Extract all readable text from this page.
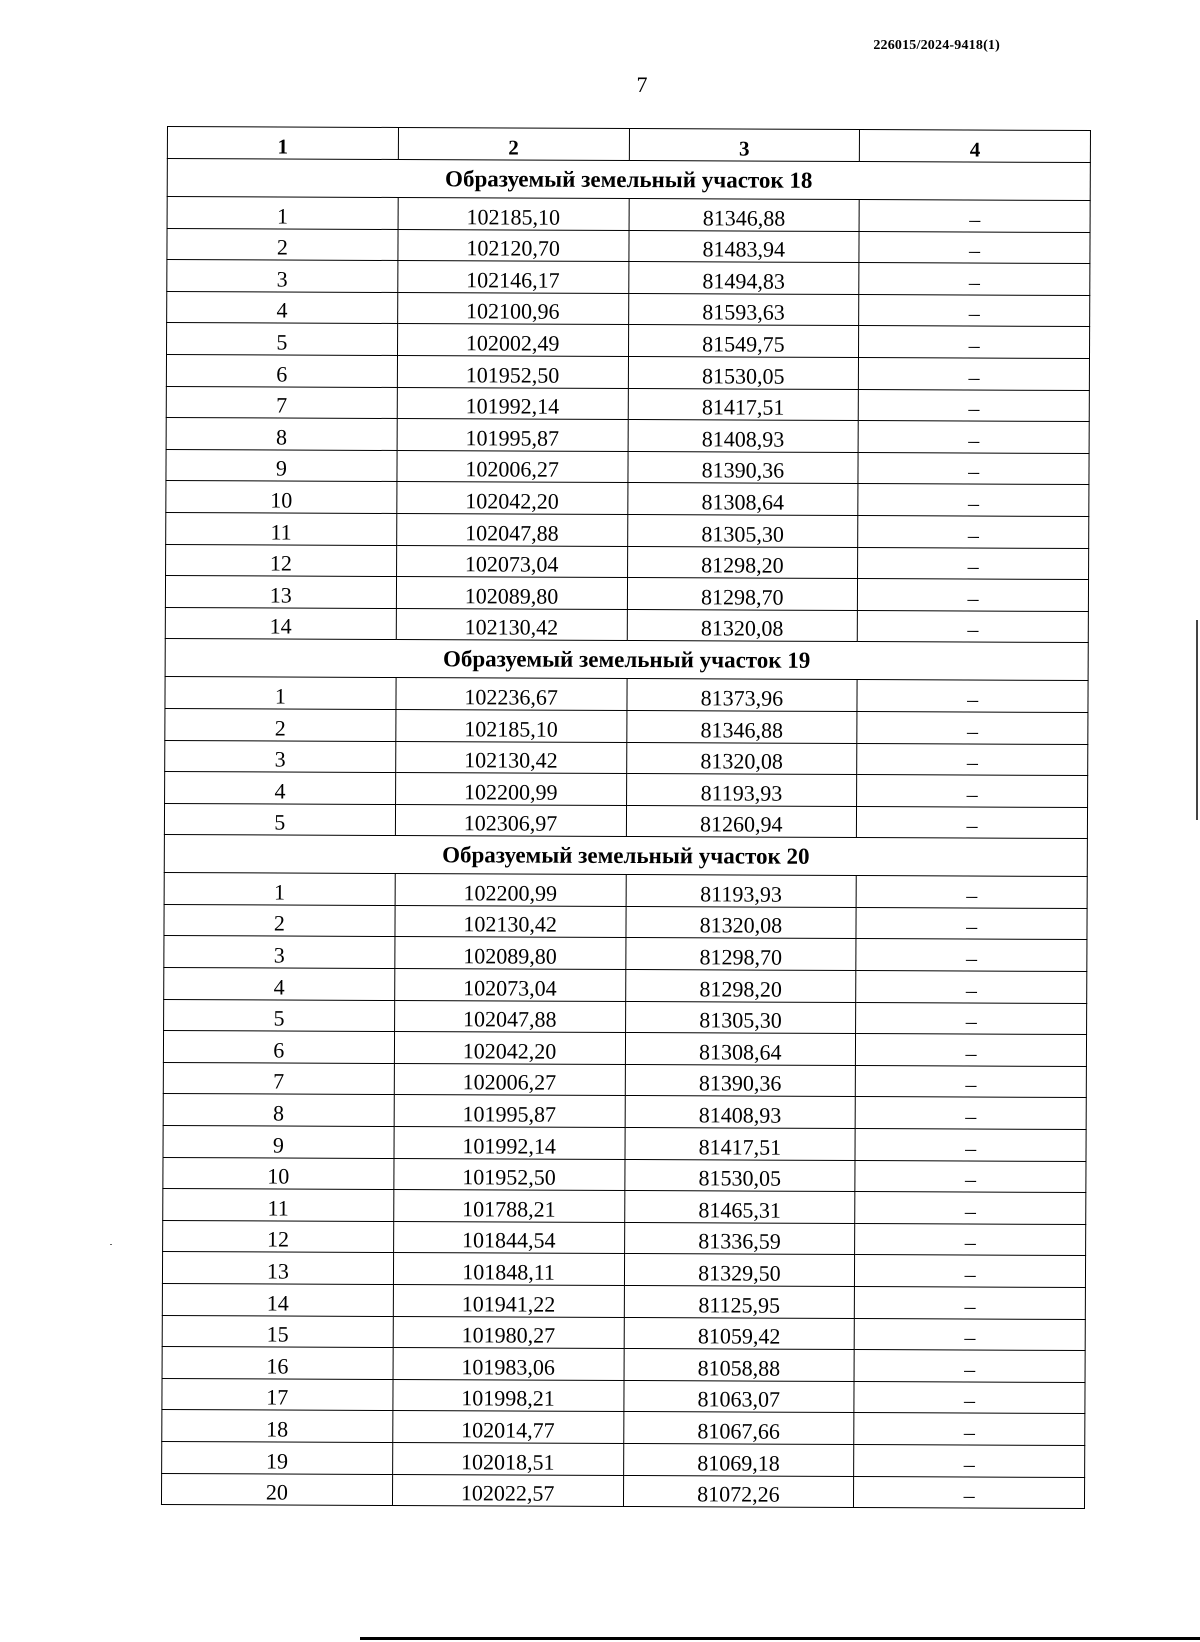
226015/2024-9418(1)
7
1	2	3	4
Образуемый земельный участок 18			
1	102185,10	81346,88	–
2	102120,70	81483,94	–
3	102146,17	81494,83	–
4	102100,96	81593,63	–
5	102002,49	81549,75	–
6	101952,50	81530,05	–
7	101992,14	81417,51	–
8	101995,87	81408,93	–
9	102006,27	81390,36	–
10	102042,20	81308,64	–
11	102047,88	81305,30	–
12	102073,04	81298,20	–
13	102089,80	81298,70	–
14	102130,42	81320,08	–
Образуемый земельный участок 19			
1	102236,67	81373,96	–
2	102185,10	81346,88	–
3	102130,42	81320,08	–
4	102200,99	81193,93	–
5	102306,97	81260,94	–
Образуемый земельный участок 20			
1	102200,99	81193,93	–
2	102130,42	81320,08	–
3	102089,80	81298,70	–
4	102073,04	81298,20	–
5	102047,88	81305,30	–
6	102042,20	81308,64	–
7	102006,27	81390,36	–
8	101995,87	81408,93	–
9	101992,14	81417,51	–
10	101952,50	81530,05	–
11	101788,21	81465,31	–
12	101844,54	81336,59	–
13	101848,11	81329,50	–
14	101941,22	81125,95	–
15	101980,27	81059,42	–
16	101983,06	81058,88	–
17	101998,21	81063,07	–
18	102014,77	81067,66	–
19	102018,51	81069,18	–
20	102022,57	81072,26	–
